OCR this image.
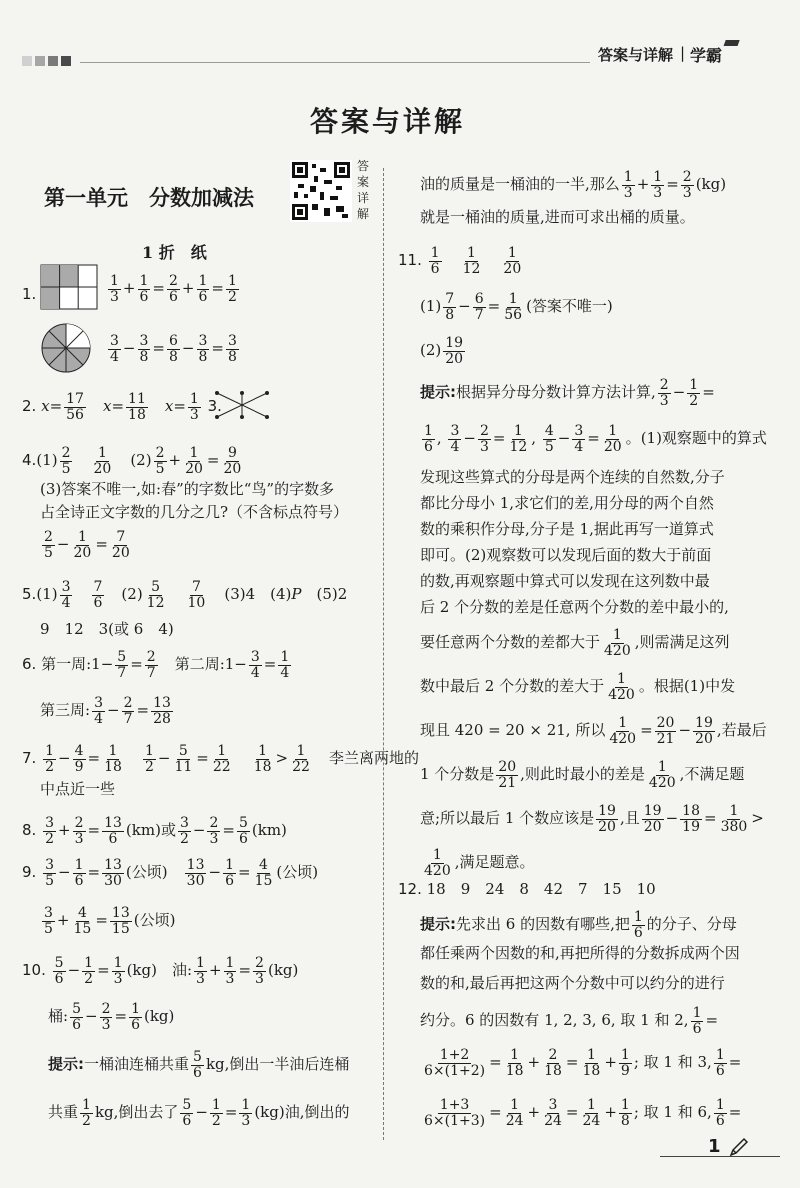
答案与详解 | 学霸
答案与详解
第一单元　分数加减法
答案详解
1 折　纸
1.	$\frac{1}{3} + \frac{1}{6} = \frac{2}{6} + \frac{1}{6} = \frac{1}{2}$
$\frac{3}{4} - \frac{3}{8} = \frac{6}{8} - \frac{3}{8} = \frac{3}{8}$
2. $x= \frac{17}{56}$
　 $x= \frac{11}{18}$
　 $x= \frac{1}{3} 3$.
$4.(1) \frac{2}{5}$
　 $\frac{1}{20}$ 　$(2) \frac{2}{5} + \frac{1}{20} = \frac{9}{20}$
(3)答案不唯一,如:春”的字数比“鸟”的字数多
占全诗正文字数的几分之几?（不含标点符号）
$\frac{2}{5} - \frac{1}{20} = \frac{7}{20}$
$5.(1) \frac{3}{4}$
　 $\frac{7}{6}$ 　$(2) \frac{5}{12}$
　 $\frac{7}{10}$ 　(3)4　(4)P　(5)2
9　12　3(或 6　4)
6. 第一周:1− $\frac{5}{7} = \frac{2}{7}$
　 第二周:1− $\frac{3}{4} = \frac{1}{4}$
第三周: $\frac{3}{4} - \frac{2}{7} = \frac{13}{28}$
7. $\frac{1}{2} - \frac{4}{9} = \frac{1}{18}$
　 $\frac{1}{2} - \frac{5}{11} = \frac{1}{22}$
　 $\frac{1}{18} > \frac{1}{22}$
　 李兰离两地的
中点近一些
8. $\frac{3}{2} + \frac{2}{3} = \frac{13}{6} (km)$或 $\frac{3}{2} - \frac{2}{3} = \frac{5}{6} (km)$
9. $\frac{3}{5} - \frac{1}{6} = \frac{13}{30}$ (公顷)　 $\frac{13}{30} - \frac{1}{6} = \frac{4}{15}$ (公顷)
$\frac{3}{5} + \frac{4}{15} = \frac{13}{15}$ (公顷)
10. $\frac{5}{6} - \frac{1}{2} = \frac{1}{3} (kg)$　 油: $\frac{1}{3} + \frac{1}{3} = \frac{2}{3} (kg)$
桶: $\frac{5}{6} - \frac{2}{3} = \frac{1}{6} (kg)$
提示:一桶油连桶共重 $\frac{5}{6}$ kg,倒出一半油后连桶
共重 $\frac{1}{2}$ kg,倒出去了 $\frac{5}{6} - \frac{1}{2} = \frac{1}{3} (kg)$油,倒出的
油的质量是一桶油的一半,那么 $\frac{1}{3} + \frac{1}{3} = \frac{2}{3} (kg)$
就是一桶油的质量,进而可求出桶的质量。
11. $\frac{1}{6}$
　 $\frac{1}{12}$
　 $\frac{1}{20}$
$(1) \frac{7}{8} - \frac{6}{7} = \frac{1}{56}$ (答案不唯一)
$(2) \frac{19}{20}$
提示:根据异分母分数计算方法计算, $\frac{2}{3} - \frac{1}{2}$ =
$\frac{1}{6}$ , $\frac{3}{4} - \frac{2}{3} = \frac{1}{12}$ , $\frac{4}{5} - \frac{3}{4} = \frac{1}{20}$ 。(1)观察题中的算式
发现这些算式的分母是两个连续的自然数,分子
都比分母小 1,求它们的差,用分母的两个自然
数的乘积作分母,分子是 1,据此再写一道算式
即可。(2)观察数可以发现后面的数大于前面
的数,再观察题中算式可以发现在这列数中最
后 2 个分数的差是任意两个分数的差中最小的,
要任意两个分数的差都大于 $\frac{1}{420}$ ,则需满足这列
数中最后 2 个分数的差大于 $\frac{1}{420}$ 。根据(1)中发
现且 420 = 20 × 21, 所以 $\frac{1}{420} = \frac{20}{21} - \frac{19}{20}$ ,若最后
1 个分数是 $\frac{20}{21}$ ,则此时最小的差是 $\frac{1}{420}$ ,不满足题
意;所以最后 1 个数应该是 $\frac{19}{20}$ ,且 $\frac{19}{20} - \frac{18}{19} = \frac{1}{380}$ >
$\frac{1}{420}$ ,满足题意。
12. 18　9　24　8　42　7　15　10
提示:先求出 6 的因数有哪些,把 $\frac{1}{6}$ 的分子、分母
都任乘两个因数的和,再把所得的分数拆成两个因
数的和,最后再把这两个分数中可以约分的进行
约分。6 的因数有 1, 2, 3, 6, 取 1 和 2, $\frac{1}{6}$ =
$\frac{1+2}{6\times(1+2)} = \frac{1}{18} + \frac{2}{18} = \frac{1}{18} + \frac{1}{9}$ ; 取 1 和 3, $\frac{1}{6}$ =
$\frac{1+3}{6\times(1+3)} = \frac{1}{24} + \frac{3}{24} = \frac{1}{24} + \frac{1}{8}$ ; 取 1 和 6, $\frac{1}{6}$ =
1
